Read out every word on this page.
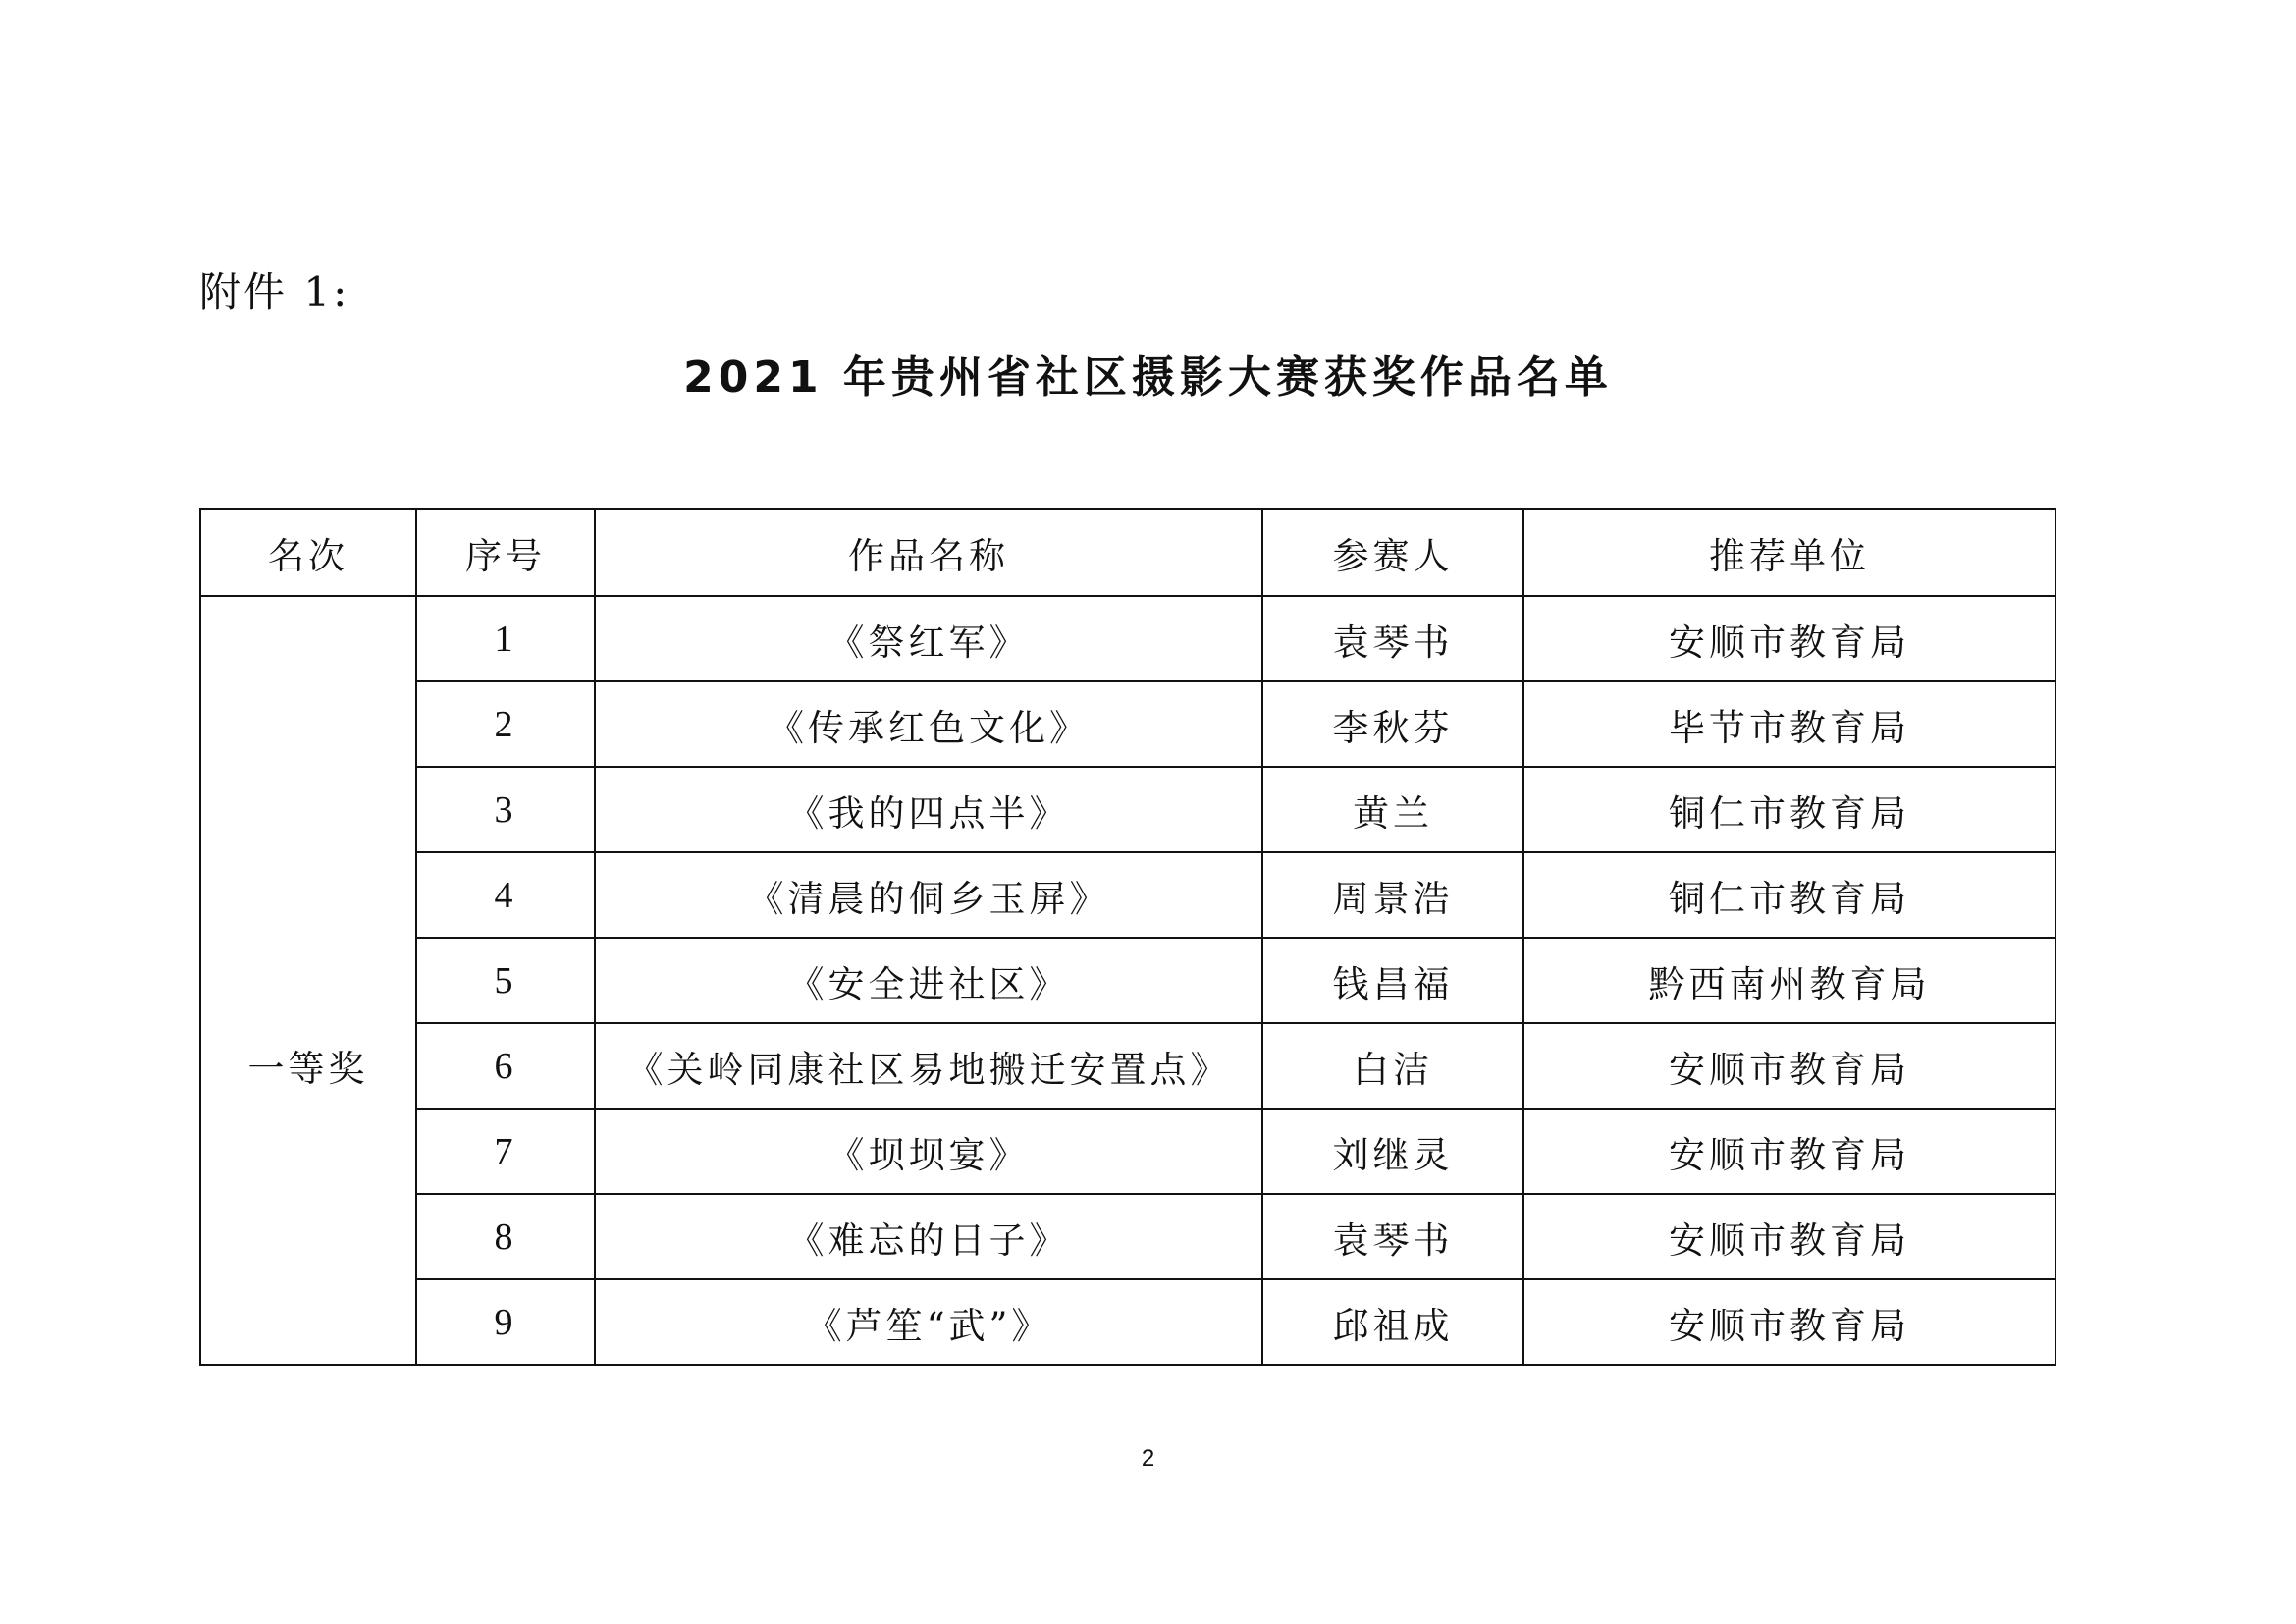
附件 1:
2021 年贵州省社区摄影大赛获奖作品名单
名次	序号	作品名称	参赛人	推荐单位
一等奖	1	《祭红军》	袁琴书	安顺市教育局
	2	《传承红色文化》	李秋芬	毕节市教育局
	3	《我的四点半》	黄兰	铜仁市教育局
	4	《清晨的侗乡玉屏》	周景浩	铜仁市教育局
	5	《安全进社区》	钱昌福	黔西南州教育局
	6	《关岭同康社区易地搬迁安置点》	白洁	安顺市教育局
	7	《坝坝宴》	刘继灵	安顺市教育局
	8	《难忘的日子》	袁琴书	安顺市教育局
	9	《芦笙“武”》	邱祖成	安顺市教育局
2
